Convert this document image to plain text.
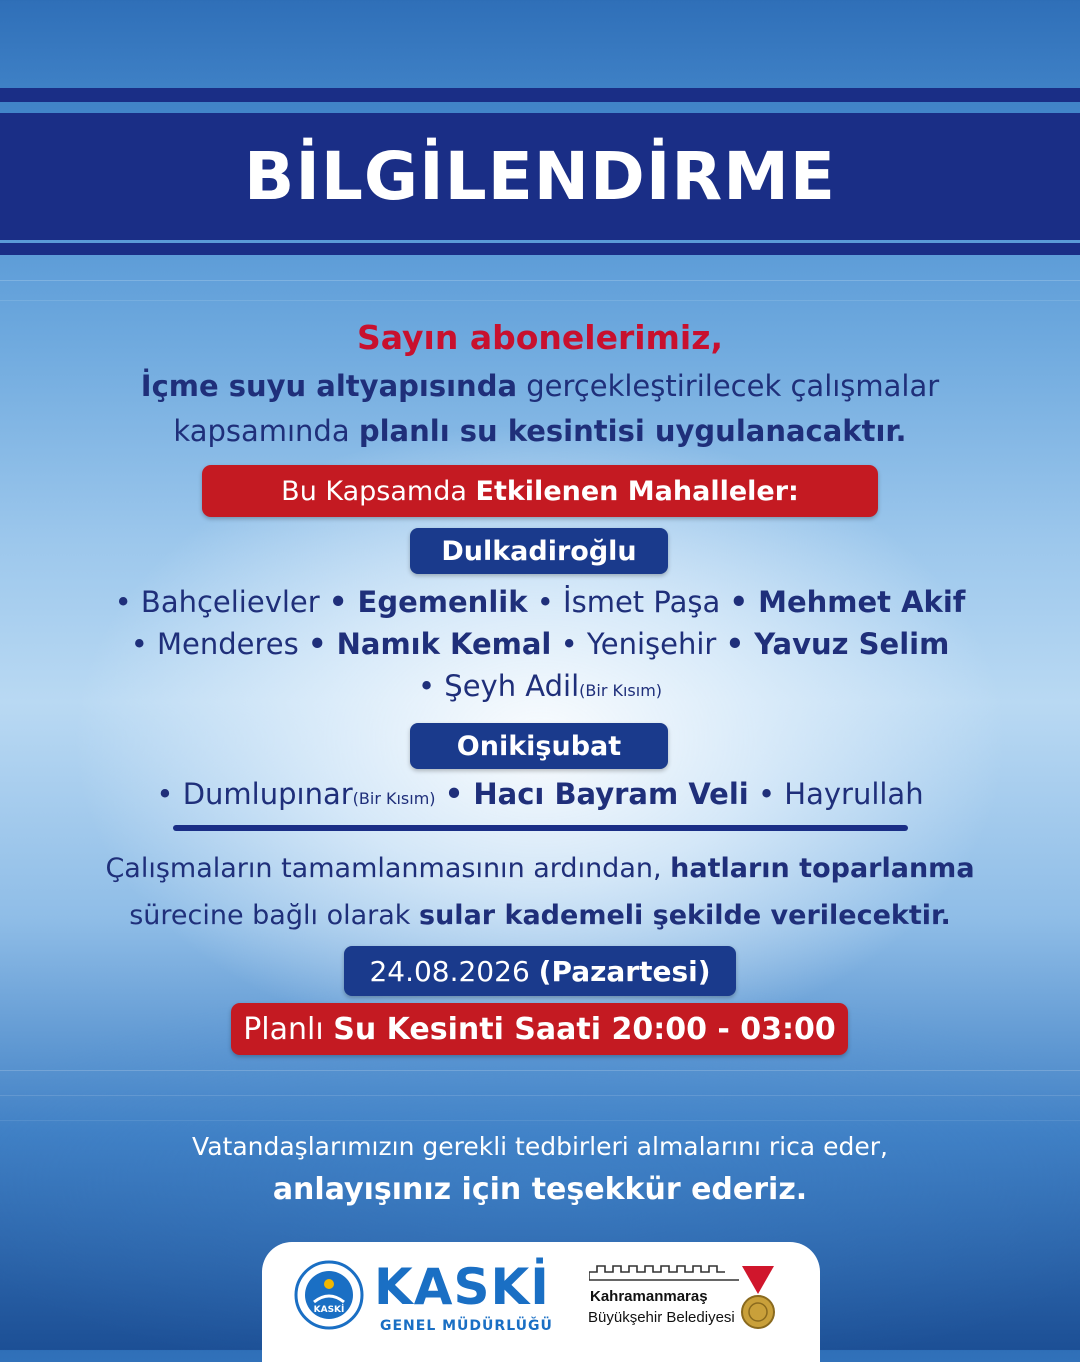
BİLGİLENDİRME
Sayın abonelerimiz,
İçme suyu altyapısında gerçekleştirilecek çalışmalar
kapsamında planlı su kesintisi uygulanacaktır.
Bu Kapsamda Etkilenen Mahalleler:
Dulkadiroğlu
• Bahçelievler • Egemenlik • İsmet Paşa • Mehmet Akif
• Menderes • Namık Kemal • Yenişehir • Yavuz Selim
• Şeyh Adil(Bir Kısım)
Onikişubat
• Dumlupınar(Bir Kısım) • Hacı Bayram Veli • Hayrullah
Çalışmaların tamamlanmasının ardından, hatların toparlanma
sürecine bağlı olarak sular kademeli şekilde verilecektir.
24.08.2026 (Pazartesi)
Planlı Su Kesinti Saati 20:00 - 03:00
Vatandaşlarımızın gerekli tedbirleri almalarını rica eder,
anlayışınız için teşekkür ederiz.
KASKİ KASKİ
GENEL MÜDÜRLÜĞÜ
Kahramanmaraş
Büyükşehir Belediyesi
